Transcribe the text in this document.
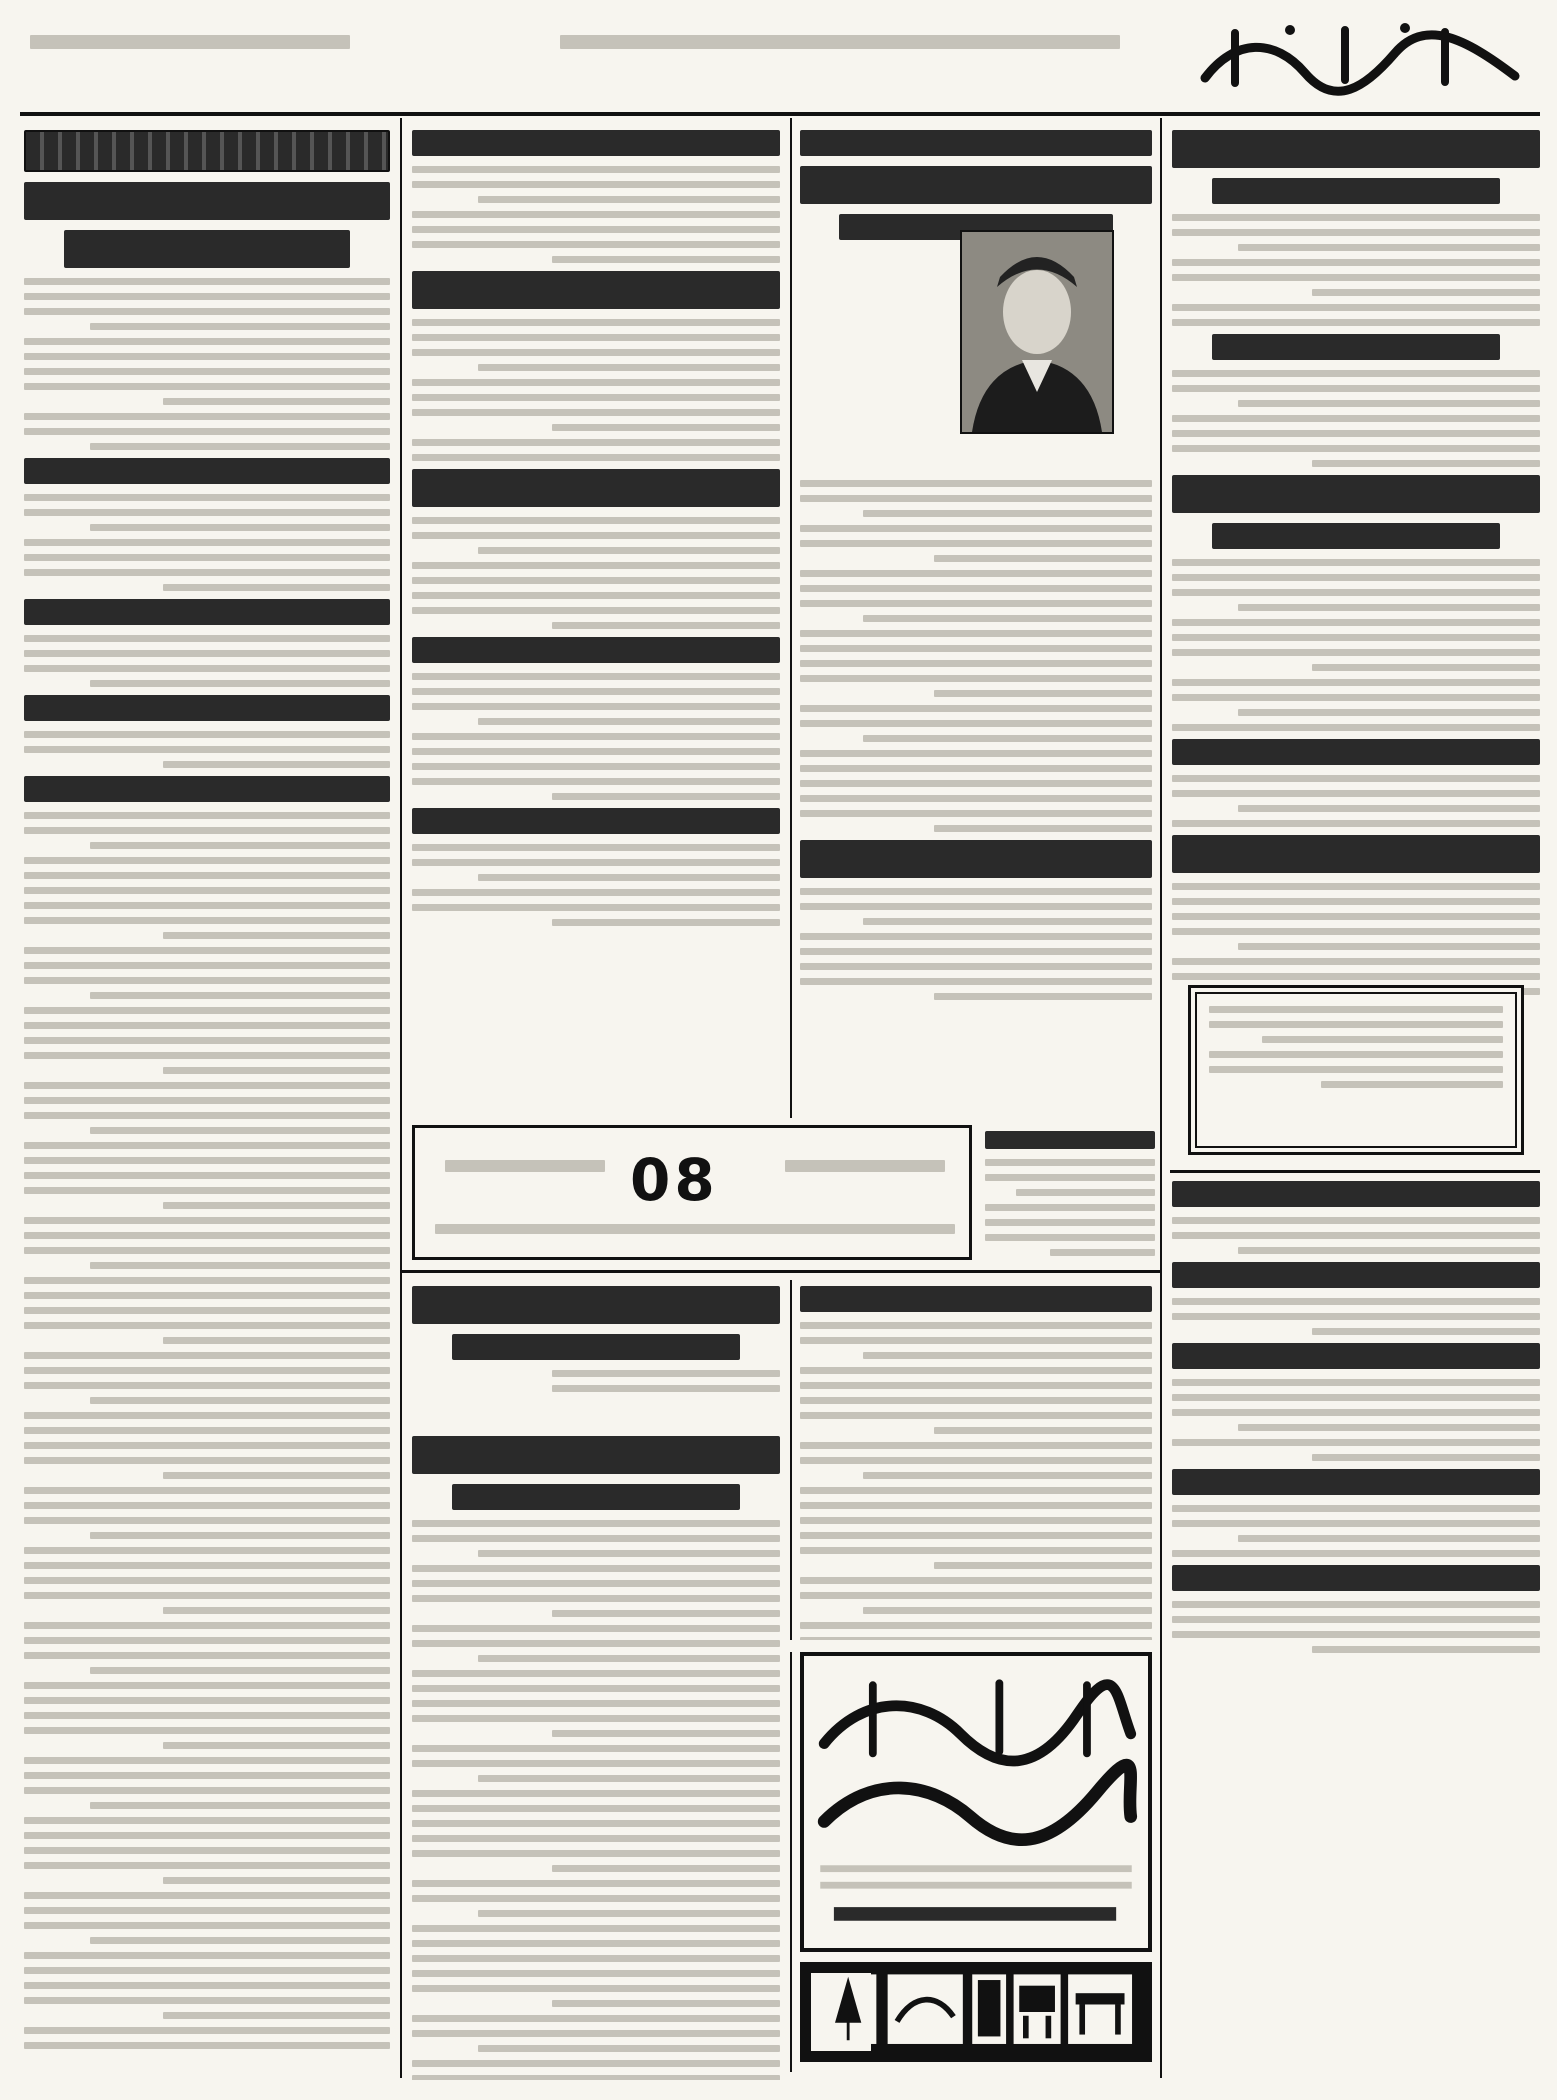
08
